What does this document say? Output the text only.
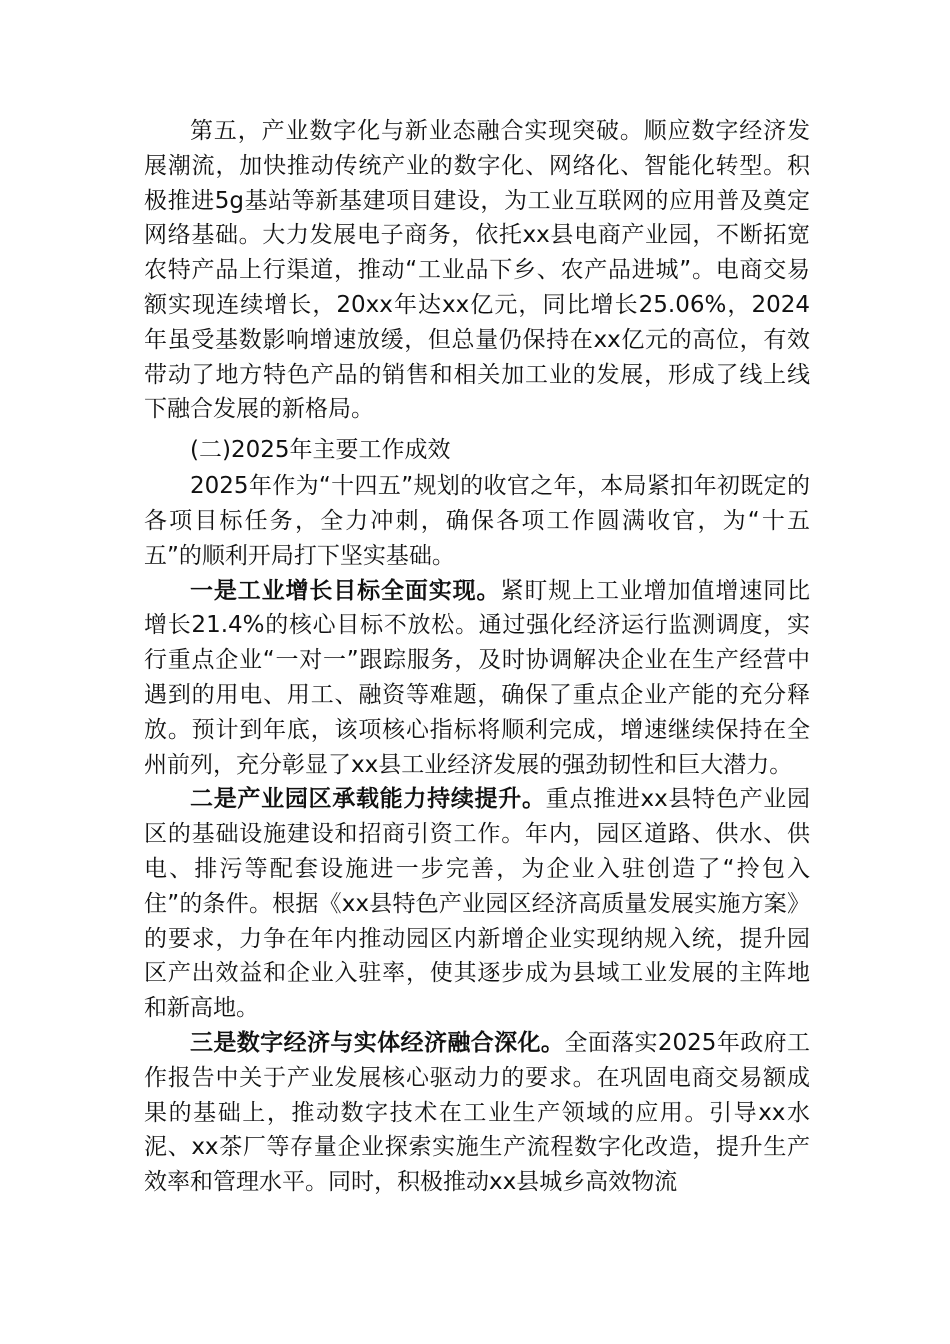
第五，产业数字化与新业态融合实现突破。顺应数字经济发展潮流，加快推动传统产业的数字化、网络化、智能化转型。积极推进5g基站等新基建项目建设，为工业互联网的应用普及奠定网络基础。大力发展电子商务，依托xx县电商产业园，不断拓宽农特产品上行渠道，推动“工业品下乡、农产品进城”。电商交易额实现连续增长，20xx年达xx亿元，同比增长25.06%，2024年虽受基数影响增速放缓，但总量仍保持在xx亿元的高位，有效带动了地方特色产品的销售和相关加工业的发展，形成了线上线下融合发展的新格局。

(二)2025年主要工作成效

2025年作为“十四五”规划的收官之年，本局紧扣年初既定的各项目标任务，全力冲刺，确保各项工作圆满收官，为“十五五”的顺利开局打下坚实基础。

一是工业增长目标全面实现。紧盯规上工业增加值增速同比增长21.4%的核心目标不放松。通过强化经济运行监测调度，实行重点企业“一对一”跟踪服务，及时协调解决企业在生产经营中遇到的用电、用工、融资等难题，确保了重点企业产能的充分释放。预计到年底，该项核心指标将顺利完成，增速继续保持在全州前列，充分彰显了xx县工业经济发展的强劲韧性和巨大潜力。

二是产业园区承载能力持续提升。重点推进xx县特色产业园区的基础设施建设和招商引资工作。年内，园区道路、供水、供电、排污等配套设施进一步完善，为企业入驻创造了“拎包入住”的条件。根据《xx县特色产业园区经济高质量发展实施方案》的要求，力争在年内推动园区内新增企业实现纳规入统，提升园区产出效益和企业入驻率，使其逐步成为县域工业发展的主阵地和新高地。

三是数字经济与实体经济融合深化。全面落实2025年政府工作报告中关于产业发展核心驱动力的要求。在巩固电商交易额成果的基础上，推动数字技术在工业生产领域的应用。引导xx水泥、xx茶厂等存量企业探索实施生产流程数字化改造，提升生产效率和管理水平。同时，积极推动xx县城乡高效物流
